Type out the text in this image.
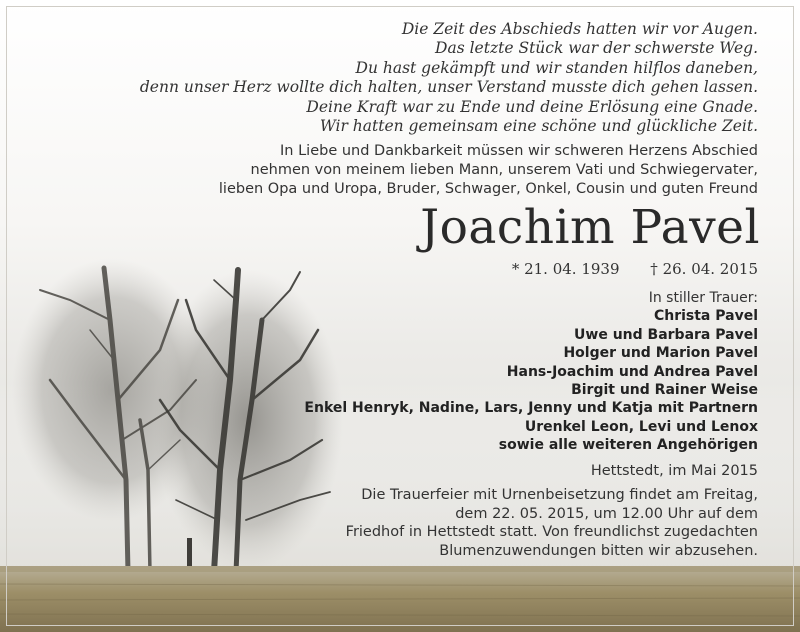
Die Zeit des Abschieds hatten wir vor Augen.
Das letzte Stück war der schwerste Weg.
Du hast gekämpft und wir standen hilflos daneben,
denn unser Herz wollte dich halten, unser Verstand musste dich gehen lassen.
Deine Kraft war zu Ende und deine Erlösung eine Gnade.
Wir hatten gemeinsam eine schöne und glückliche Zeit.
In Liebe und Dankbarkeit müssen wir schweren Herzens Abschied
nehmen von meinem lieben Mann, unserem Vati und Schwiegervater,
lieben Opa und Uropa, Bruder, Schwager, Onkel, Cousin und guten Freund
Joachim Pavel
* 21. 04. 1939 † 26. 04. 2015
In stiller Trauer:
Christa Pavel
Uwe und Barbara Pavel
Holger und Marion Pavel
Hans-Joachim und Andrea Pavel
Birgit und Rainer Weise
Enkel Henryk, Nadine, Lars, Jenny und Katja mit Partnern
Urenkel Leon, Levi und Lenox
sowie alle weiteren Angehörigen
Hettstedt, im Mai 2015
Die Trauerfeier mit Urnenbeisetzung findet am Freitag,
dem 22. 05. 2015, um 12.00 Uhr auf dem
Friedhof in Hettstedt statt. Von freundlichst zugedachten
Blumenzuwendungen bitten wir abzusehen.
